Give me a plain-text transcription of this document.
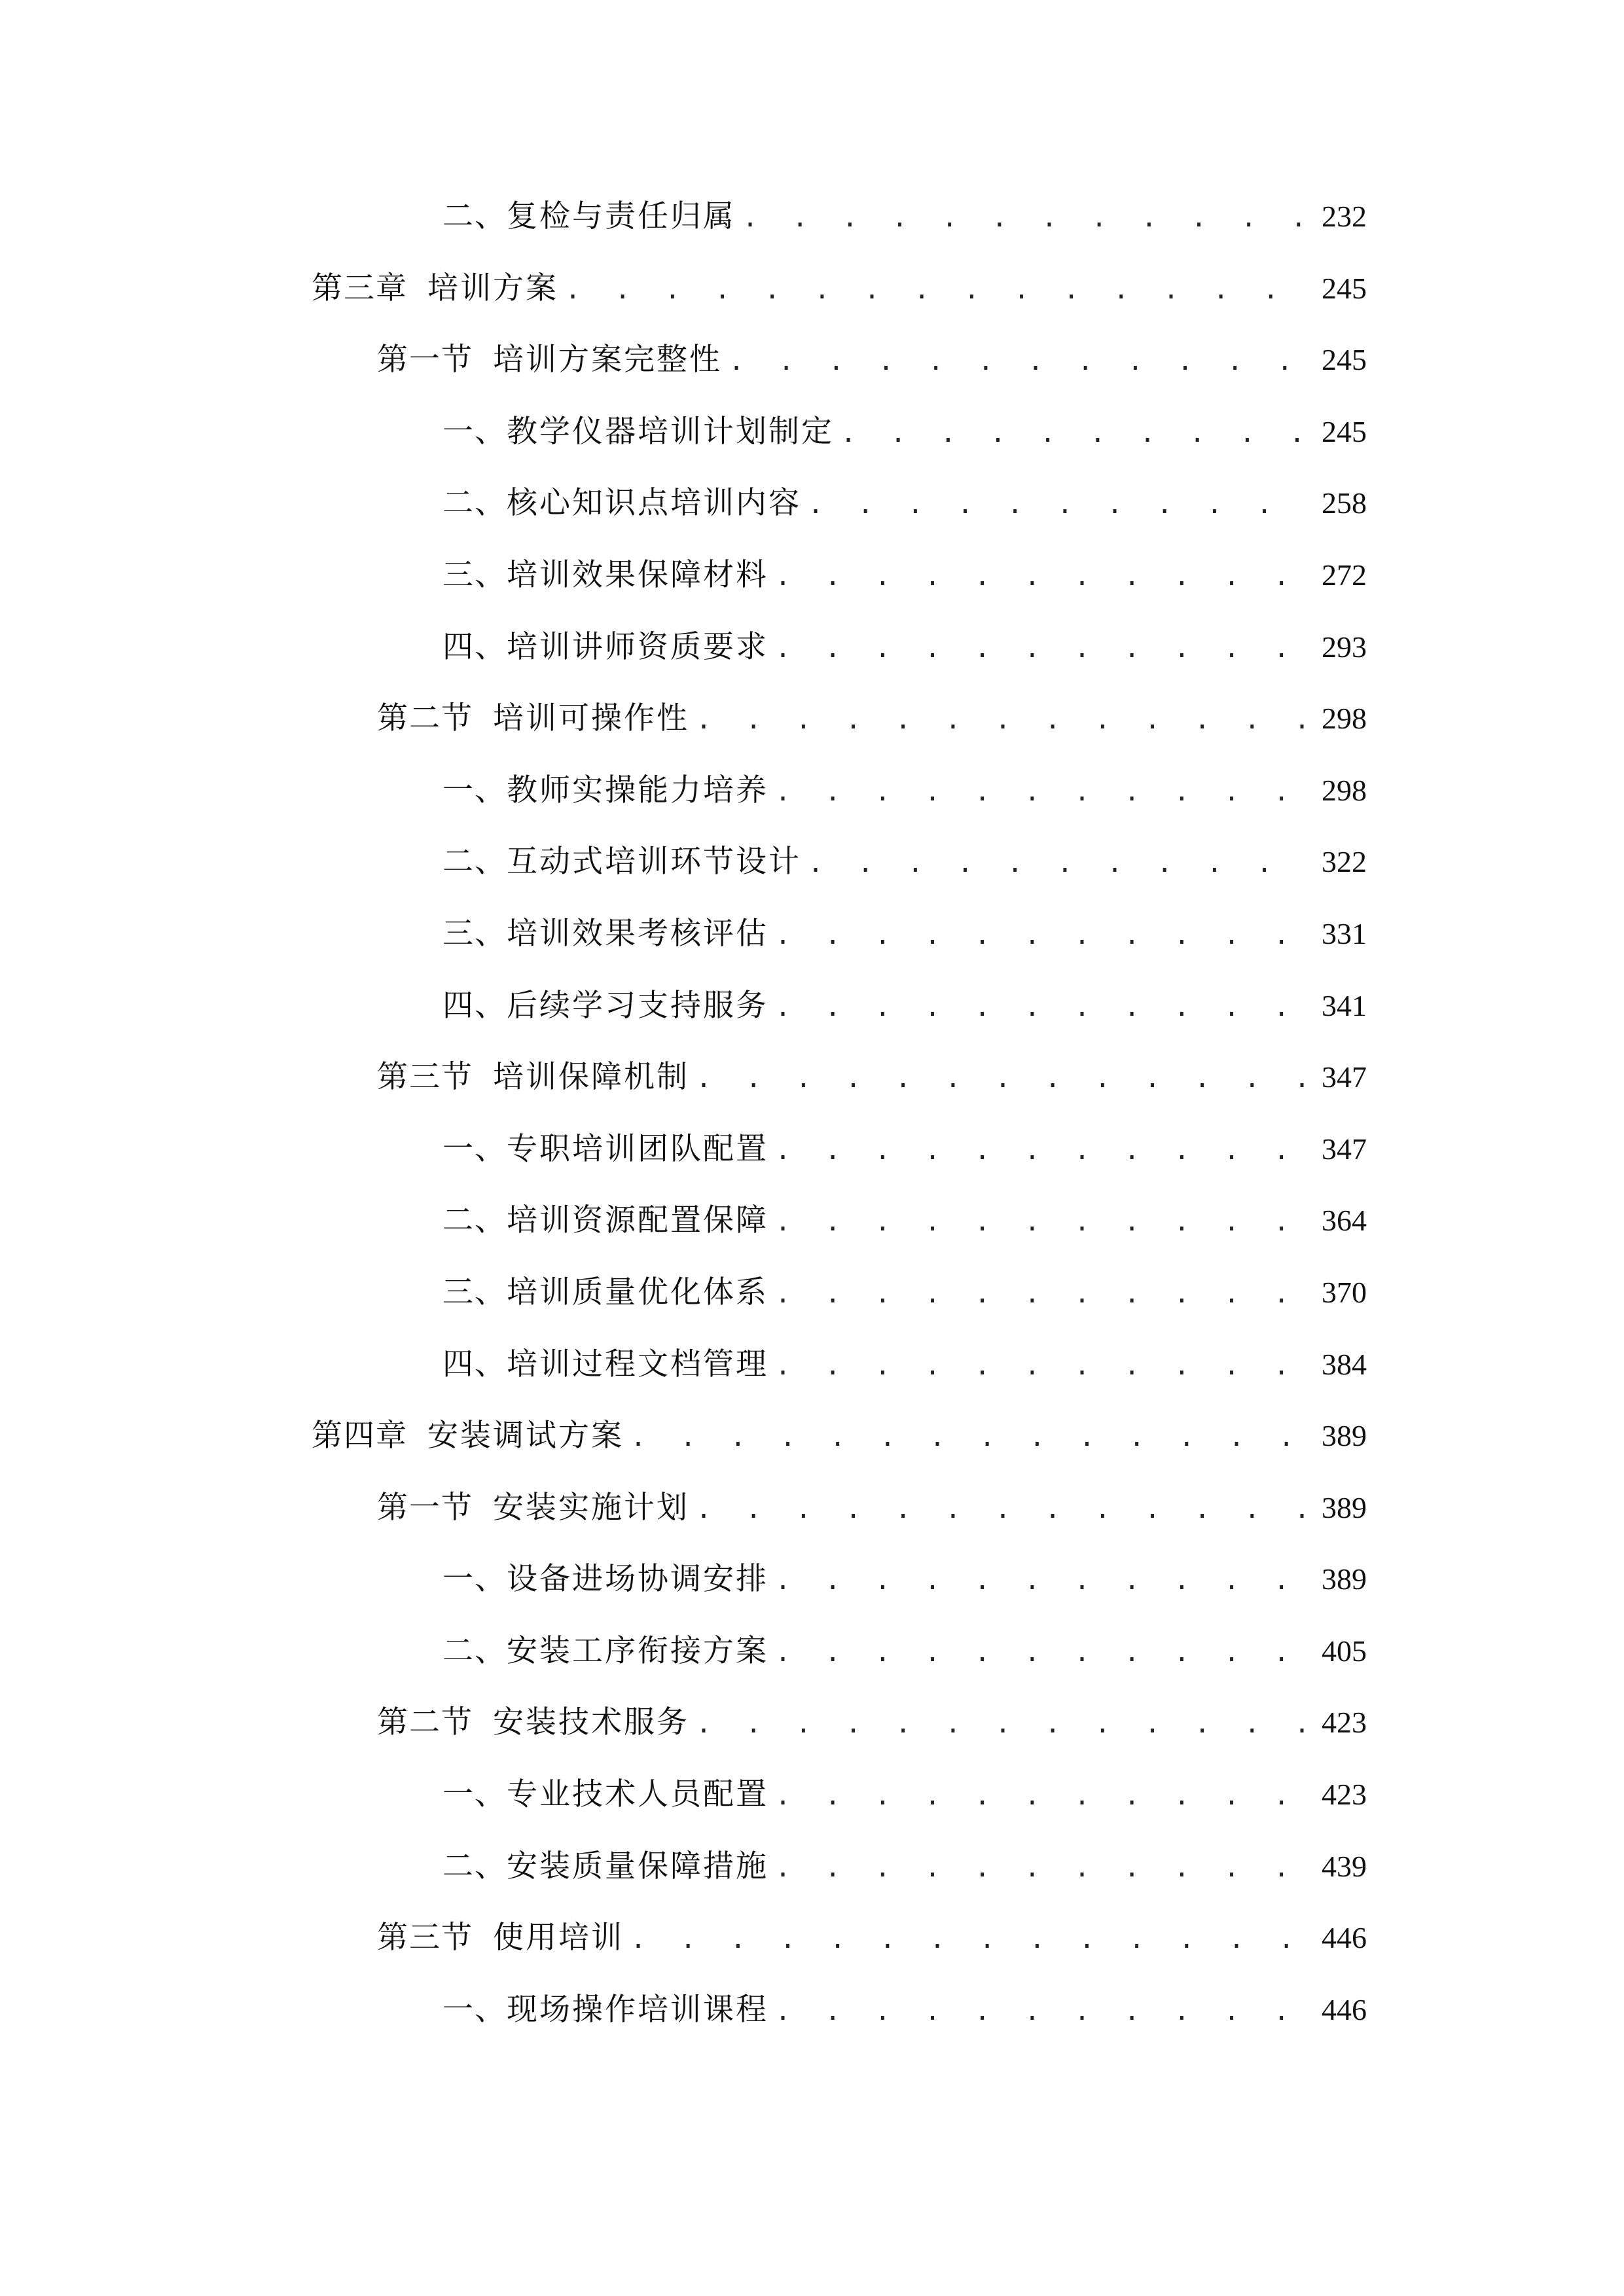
二、 复检与责任归属 . . .	232
第三章 培训方案 . . .	245
第一节 培训方案完整性 . . .	245
一、 教学仪器培训计划制定 . . .	245
二、 核心知识点培训内容 . . .	258
三、 培训效果保障材料 . . .	272
四、 培训讲师资质要求 . . .	293
第二节 培训可操作性 . . .	298
一、 教师实操能力培养 . . .	298
二、 互动式培训环节设计 . . .	322
三、 培训效果考核评估 . . .	331
四、 后续学习支持服务 . . .	341
第三节 培训保障机制 . . .	347
一、 专职培训团队配置 . . .	347
二、 培训资源配置保障 . . .	364
三、 培训质量优化体系 . . .	370
四、 培训过程文档管理 . . .	384
第四章 安装调试方案 . . .	389
第一节 安装实施计划 . . .	389
一、 设备进场协调安排 . . .	389
二、 安装工序衔接方案 . . .	405
第二节 安装技术服务 . . .	423
一、 专业技术人员配置 . . .	423
二、 安装质量保障措施 . . .	439
第三节 使用培训 . . .	446
一、 现场操作培训课程 . . .	446
